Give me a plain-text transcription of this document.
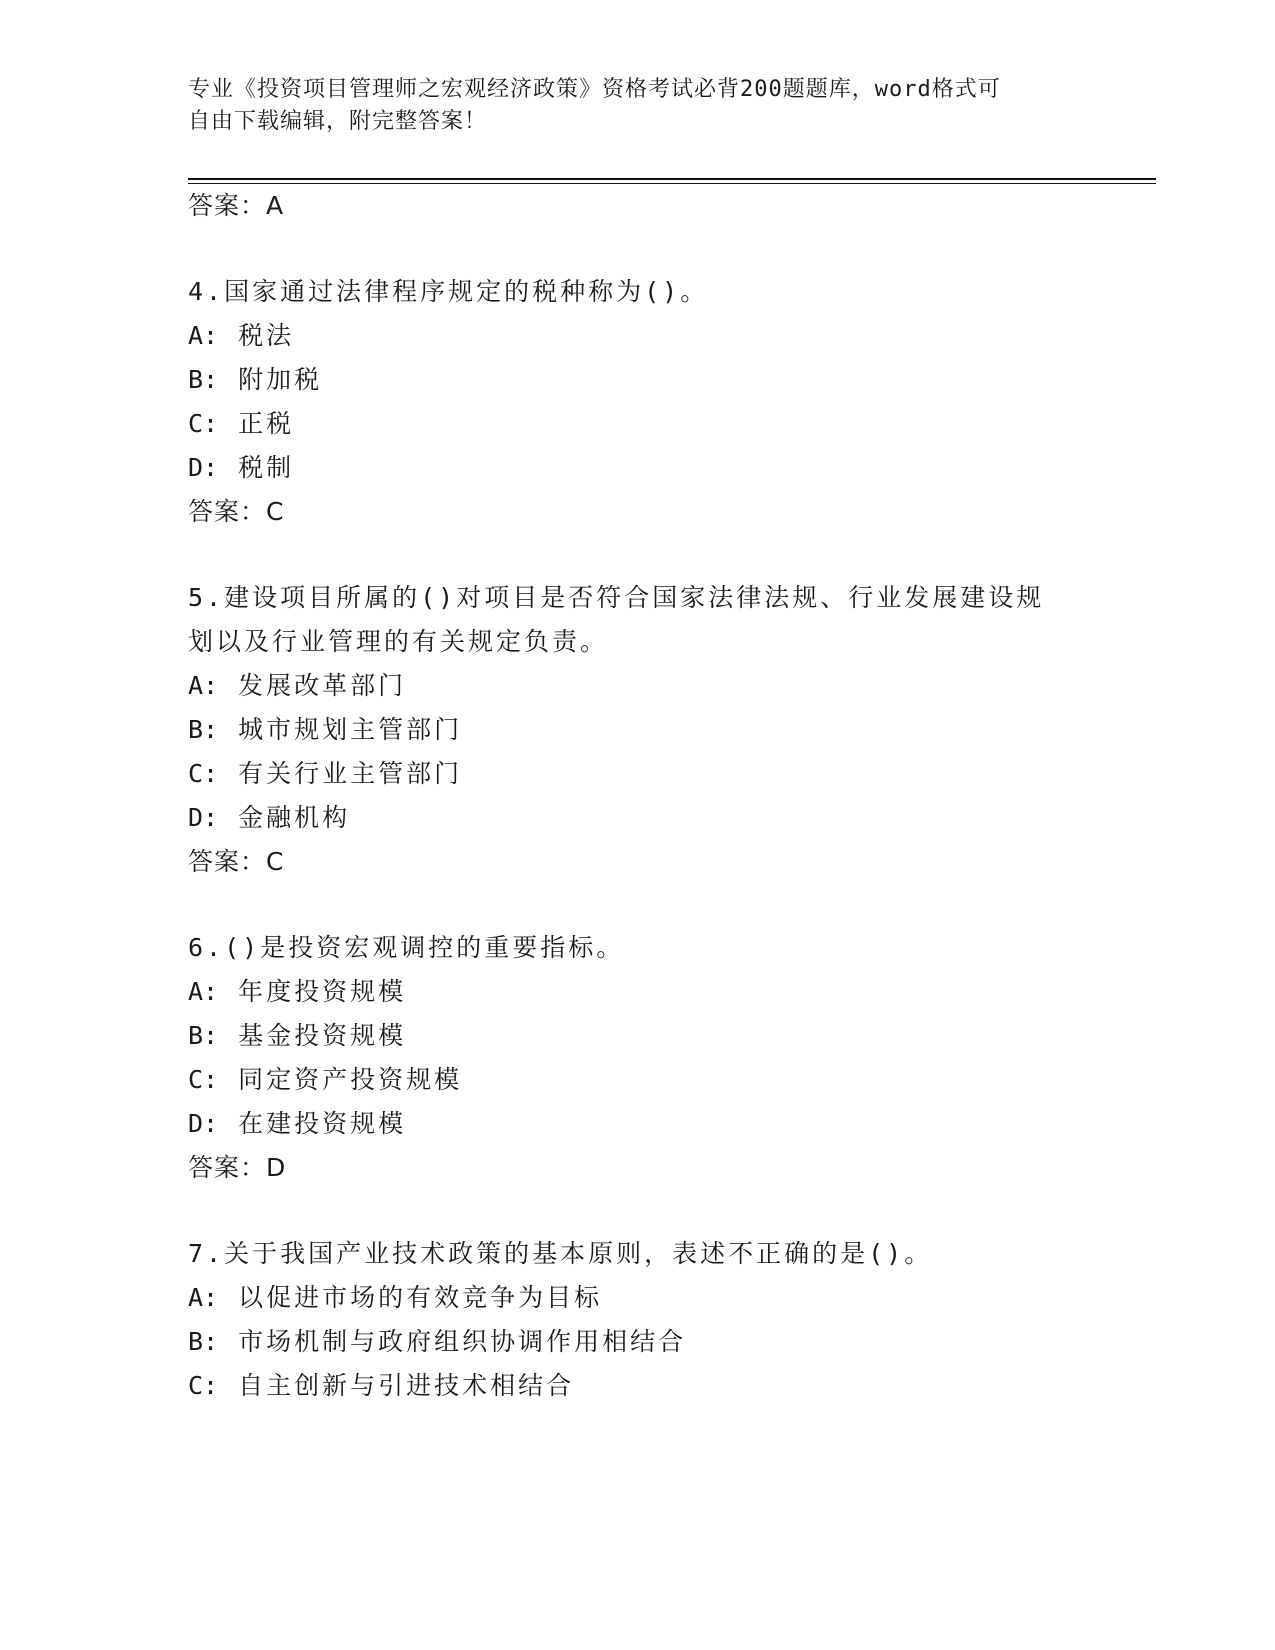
专业《投资项目管理师之宏观经济政策》资格考试必背200题题库，word格式可
自由下载编辑，附完整答案！
答案：A
4.国家通过法律程序规定的税种称为()。
A: 税法
B: 附加税
C: 正税
D: 税制
答案：C
5.建设项目所属的()对项目是否符合国家法律法规、行业发展建设规
划以及行业管理的有关规定负责。
A: 发展改革部门
B: 城市规划主管部门
C: 有关行业主管部门
D: 金融机构
答案：C
6.()是投资宏观调控的重要指标。
A: 年度投资规模
B: 基金投资规模
C: 同定资产投资规模
D: 在建投资规模
答案：D
7.关于我国产业技术政策的基本原则，表述不正确的是()。
A: 以促进市场的有效竞争为目标
B: 市场机制与政府组织协调作用相结合
C: 自主创新与引进技术相结合
